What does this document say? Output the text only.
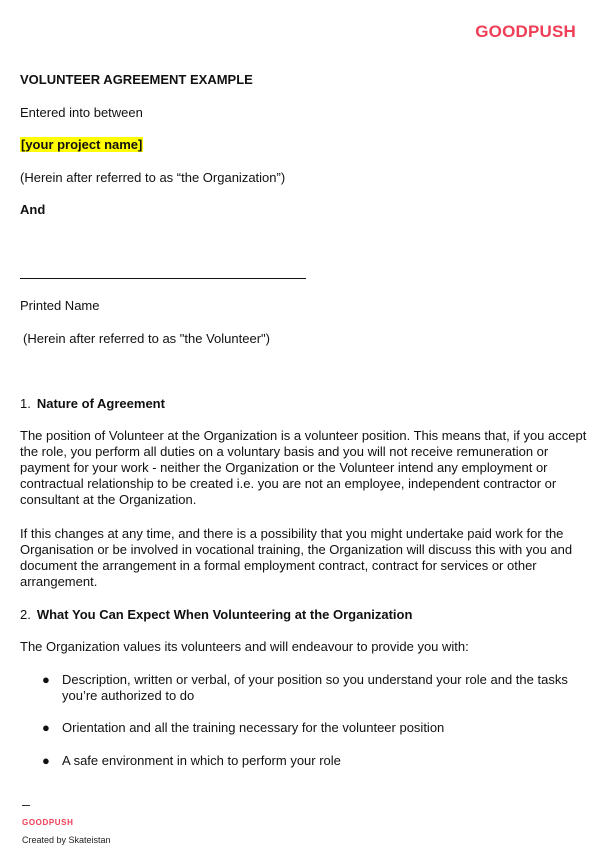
GOODPUSH
VOLUNTEER AGREEMENT EXAMPLE
Entered into between
[your project name]
(Herein after referred to as “the Organization”)
And
Printed Name
(Herein after referred to as "the Volunteer")
1. Nature of Agreement
The position of Volunteer at the Organization is a volunteer position. This means that, if you accept the role, you perform all duties on a voluntary basis and you will not receive remuneration or payment for your work - neither the Organization or the Volunteer intend any employment or contractual relationship to be created i.e. you are not an employee, independent contractor or consultant at the Organization.
If this changes at any time, and there is a possibility that you might undertake paid work for the Organisation or be involved in vocational training, the Organization will discuss this with you and document the arrangement in a formal employment contract, contract for services or other arrangement.
2. What You Can Expect When Volunteering at the Organization
The Organization values its volunteers and will endeavour to provide you with:
● Description, written or verbal, of your position so you understand your role and the tasks you’re authorized to do
● Orientation and all the training necessary for the volunteer position
● A safe environment in which to perform your role
GOODPUSH
Created by Skateistan
